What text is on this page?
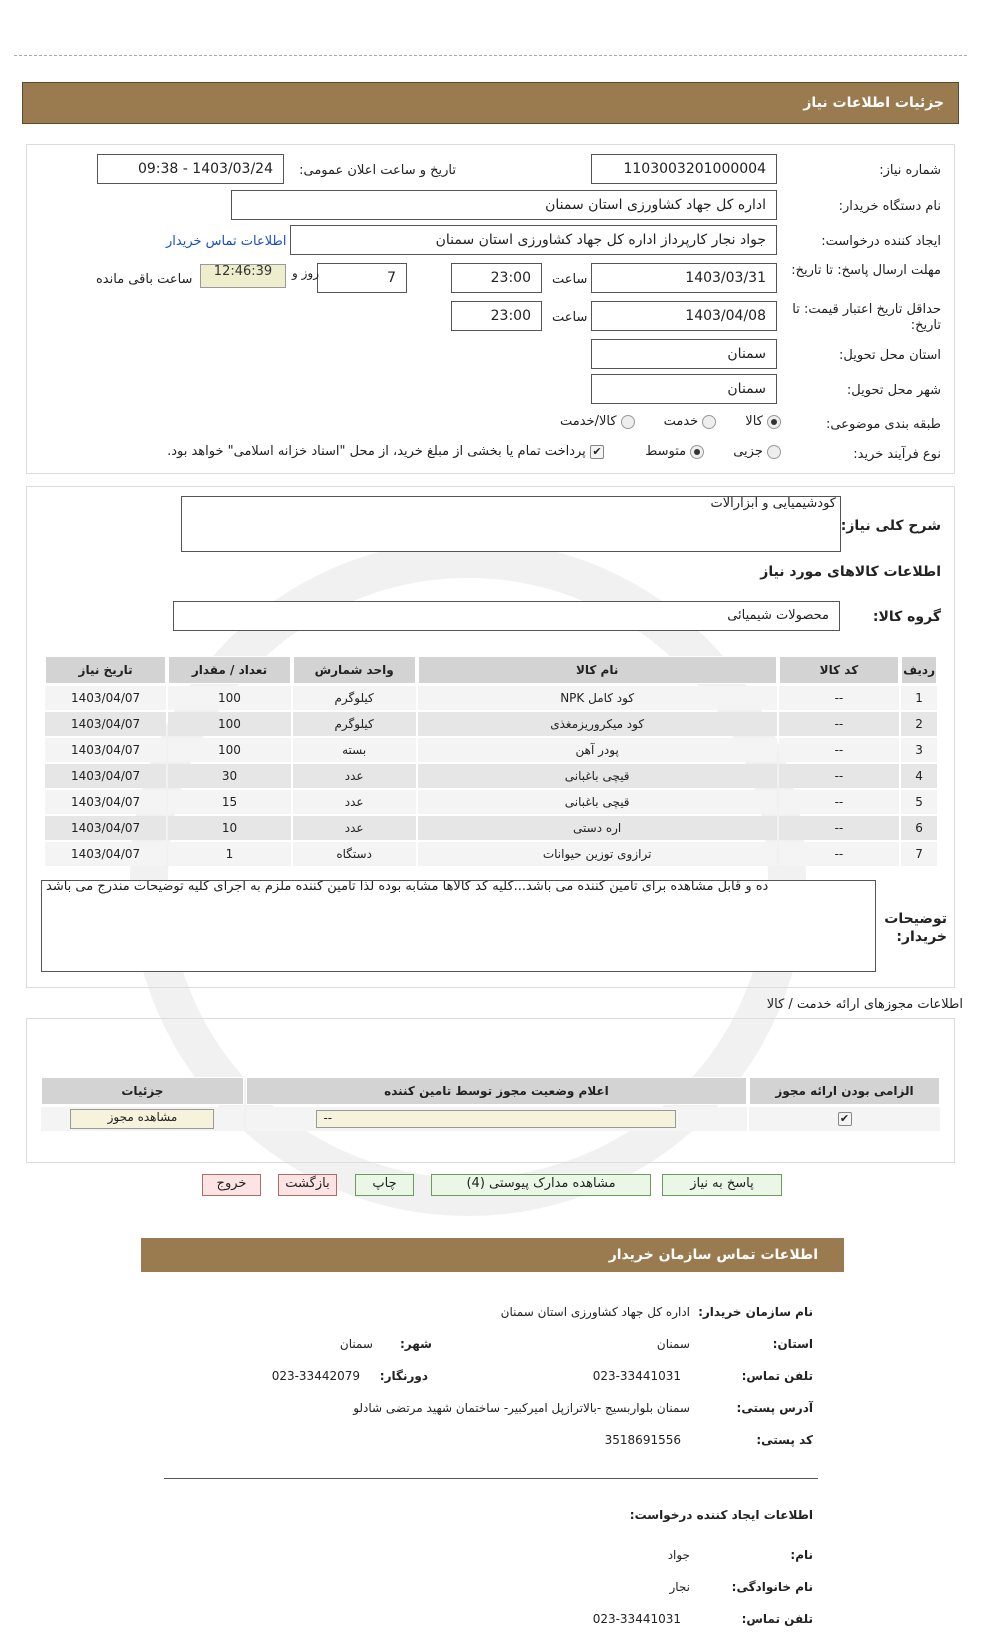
جزئیات اطلاعات نیاز
شماره نیاز:
1103003201000004
تاریخ و ساعت اعلان عمومی:
1403/03/24 - 09:38
نام دستگاه خریدار:
اداره کل جهاد کشاورزی استان سمنان
ایجاد کننده درخواست:
جواد نجار کارپرداز اداره کل جهاد کشاورزی استان سمنان
اطلاعات تماس خریدار
مهلت ارسال پاسخ: تا تاریخ:
1403/03/31
ساعت
23:00
7
روز و
12:46:39
ساعت باقی مانده
حداقل تاریخ اعتبار قیمت: تا تاریخ:
1403/04/08
ساعت
23:00
استان محل تحویل:
سمنان
شهر محل تحویل:
سمنان
طبقه بندی موضوعی:
کالا        خدمت        کالا/خدمت
نوع فرآیند خرید:
جزیی        متوسط          ✔ پرداخت تمام یا بخشی از مبلغ خرید، از محل "اسناد خزانه اسلامی" خواهد بود.
شرح کلی نیاز:
کودشیمیایی و ابزارالات
اطلاعات کالاهای مورد نیاز
گروه کالا:
محصولات شیمیائی
ردیف	کد کالا	نام کالا	واحد شمارش	تعداد / مقدار	تاریخ نیاز
1	--	کود کامل NPK	کیلوگرم	100	1403/04/07
2	--	کود میکروریزمغذی	کیلوگرم	100	1403/04/07
3	--	پودر آهن	بسته	100	1403/04/07
4	--	قیچی باغبانی	عدد	30	1403/04/07
5	--	قیچی باغبانی	عدد	15	1403/04/07
6	--	اره دستی	عدد	10	1403/04/07
7	--	ترازوی توزین حیوانات	دستگاه	1	1403/04/07
ده و قابل مشاهده برای تامین کننده می باشد...کلیه کد کالاها مشابه بوده لذا تامین کننده ملزم به اجرای کلیه توضیحات مندرج می باشد
توضیحات خریدار:
اطلاعات مجوزهای ارائه خدمت / کالا
الزامی بودن ارائه مجوز	اعلام وضعیت مجوز توسط تامین کننده	جزئیات
✔	--	مشاهده مجوز
پاسخ به نیاز
مشاهده مدارک پیوستی (4)
چاپ
بازگشت
خروج
اطلاعات تماس سازمان خریدار
نام سازمان خریدار:
اداره کل جهاد کشاورزی استان سمنان
استان:
سمنان
شهر:
سمنان
تلفن تماس:
023-33441031
دورنگار:
023-33442079
آدرس پستی:
سمنان بلواربسیج -بالاترازپل امیرکبیر- ساختمان شهید مرتضی شادلو
کد پستی:
3518691556
اطلاعات ایجاد کننده درخواست:
نام:
جواد
نام خانوادگی:
نجار
تلفن تماس:
023-33441031
